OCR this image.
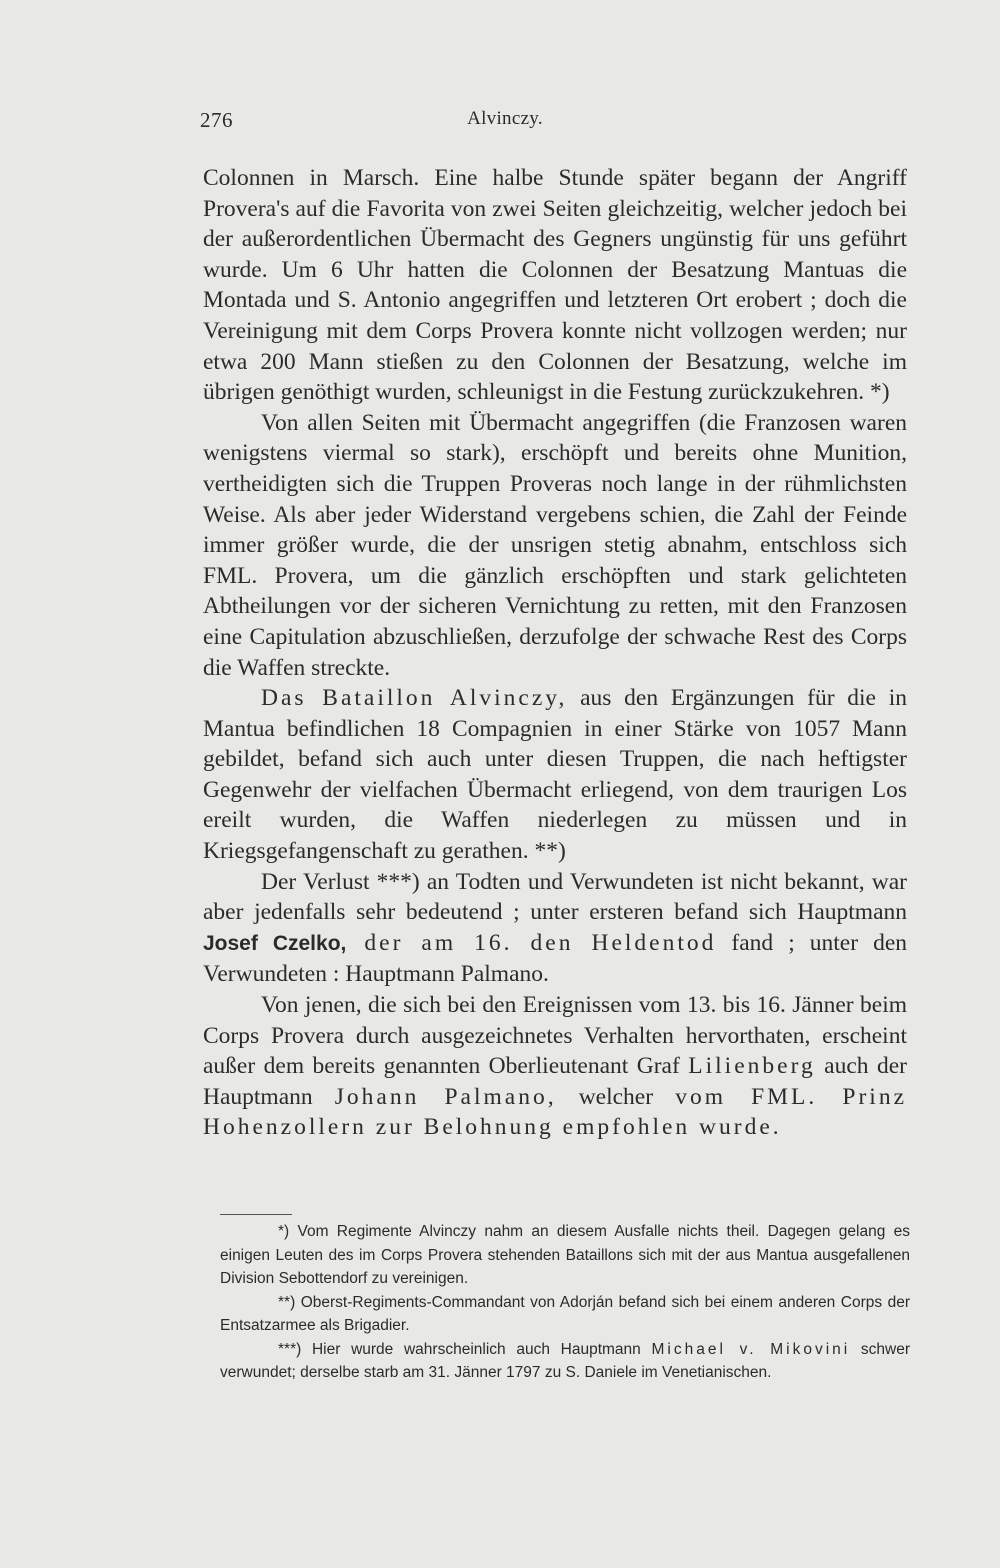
276	Alvinczy.

Colonnen in Marsch. Eine halbe Stunde später begann der Angriff Provera's auf die Favorita von zwei Seiten gleichzeitig, welcher jedoch bei der außerordentlichen Übermacht des Gegners ungünstig für uns geführt wurde. Um 6 Uhr hatten die Colonnen der Besatzung Mantuas die Montada und S. Antonio angegriffen und letzteren Ort erobert ; doch die Vereinigung mit dem Corps Provera konnte nicht vollzogen werden; nur etwa 200 Mann stießen zu den Colonnen der Besatzung, welche im übrigen genöthigt wurden, schleunigst in die Festung zurückzukehren. *)

Von allen Seiten mit Übermacht angegriffen (die Franzosen waren wenigstens viermal so stark), erschöpft und bereits ohne Munition, vertheidigten sich die Truppen Proveras noch lange in der rühmlichsten Weise. Als aber jeder Widerstand vergebens schien, die Zahl der Feinde immer größer wurde, die der unsrigen stetig abnahm, entschloss sich FML. Provera, um die gänzlich erschöpften und stark gelichteten Abtheilungen vor der sicheren Vernichtung zu retten, mit den Franzosen eine Capitulation abzuschließen, derzufolge der schwache Rest des Corps die Waffen streckte.

Das Bataillon Alvinczy, aus den Ergänzungen für die in Mantua befindlichen 18 Compagnien in einer Stärke von 1057 Mann gebildet, befand sich auch unter diesen Truppen, die nach heftigster Gegenwehr der vielfachen Übermacht erliegend, von dem traurigen Los ereilt wurden, die Waffen niederlegen zu müssen und in Kriegsgefangenschaft zu gerathen. **)

Der Verlust ***) an Todten und Verwundeten ist nicht bekannt, war aber jedenfalls sehr bedeutend ; unter ersteren befand sich Hauptmann Josef Czelko, der am 16. den Heldentod fand ; unter den Verwundeten : Hauptmann Palmano.

Von jenen, die sich bei den Ereignissen vom 13. bis 16. Jänner beim Corps Provera durch ausgezeichnetes Verhalten hervorthaten, erscheint außer dem bereits genannten Oberlieutenant Graf Lilienberg auch der Hauptmann Johann Palmano, welcher vom FML. Prinz Hohenzollern zur Belohnung empfohlen wurde.

*) Vom Regimente Alvinczy nahm an diesem Ausfalle nichts theil. Dagegen gelang es einigen Leuten des im Corps Provera stehenden Bataillons sich mit der aus Mantua ausgefallenen Division Sebottendorf zu vereinigen.

**) Oberst-Regiments-Commandant von Adorján befand sich bei einem anderen Corps der Entsatzarmee als Brigadier.

***) Hier wurde wahrscheinlich auch Hauptmann Michael v. Mikovini schwer verwundet; derselbe starb am 31. Jänner 1797 zu S. Daniele im Venetianischen.
